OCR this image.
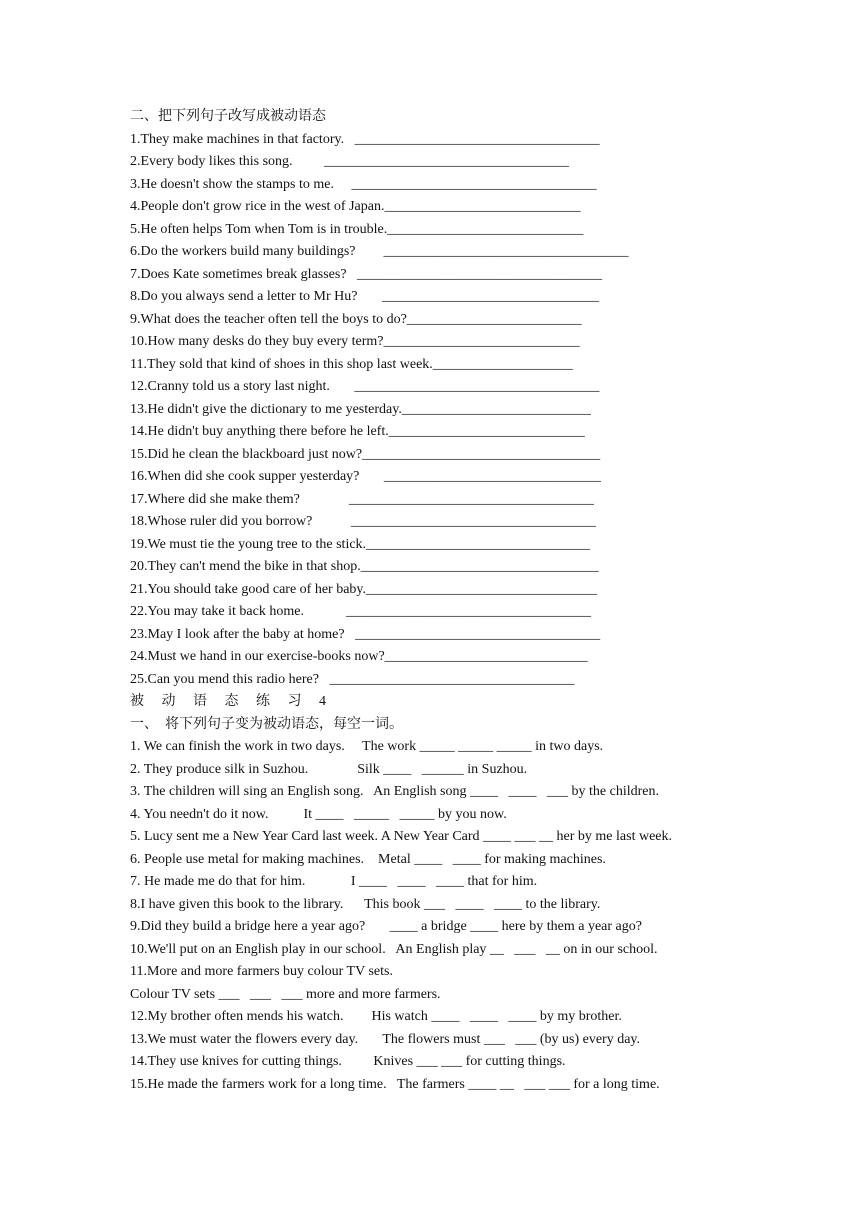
二、把下列句子改写成被动语态
1.They make machines in that factory.   ___________________________________
2.Every body likes this song.         ___________________________________
3.He doesn't show the stamps to me.     ___________________________________
4.People don't grow rice in the west of Japan.____________________________
5.He often helps Tom when Tom is in trouble.____________________________
6.Do the workers build many buildings?        ___________________________________
7.Does Kate sometimes break glasses?   ___________________________________
8.Do you always send a letter to Mr Hu?       _______________________________
9.What does the teacher often tell the boys to do?_________________________
10.How many desks do they buy every term?____________________________
11.They sold that kind of shoes in this shop last week.____________________
12.Cranny told us a story last night.       ___________________________________
13.He didn't give the dictionary to me yesterday.___________________________
14.He didn't buy anything there before he left.____________________________
15.Did he clean the blackboard just now?__________________________________
16.When did she cook supper yesterday?       _______________________________
17.Where did she make them?              ___________________________________
18.Whose ruler did you borrow?           ___________________________________
19.We must tie the young tree to the stick.________________________________
20.They can't mend the bike in that shop.__________________________________
21.You should take good care of her baby._________________________________
22.You may take it back home.            ___________________________________
23.May I look after the baby at home?   ___________________________________
24.Must we hand in our exercise-books now?_____________________________
25.Can you mend this radio here?   ___________________________________
被 动 语 态 练 习 4
一、  将下列句子变为被动语态，每空一词。
1. We can finish the work in two days.     The work _____ _____ _____ in two days.
2. They produce silk in Suzhou.              Silk ____   ______ in Suzhou.
3. The children will sing an English song.   An English song ____   ____   ___ by the children.
4. You needn't do it now.          It ____   _____   _____ by you now.
5. Lucy sent me a New Year Card last week. A New Year Card ____ ___ __ her by me last week.
6. People use metal for making machines.    Metal ____   ____ for making machines.
7. He made me do that for him.             I ____   ____   ____ that for him.
8.I have given this book to the library.      This book ___   ____   ____ to the library.
9.Did they build a bridge here a year ago?       ____ a bridge ____ here by them a year ago?
10.We'll put on an English play in our school.   An English play __   ___   __ on in our school.
11.More and more farmers buy colour TV sets.
Colour TV sets ___   ___   ___ more and more farmers.
12.My brother often mends his watch.        His watch ____   ____   ____ by my brother.
13.We must water the flowers every day.       The flowers must ___   ___ (by us) every day.
14.They use knives for cutting things.         Knives ___ ___ for cutting things.
15.He made the farmers work for a long time.   The farmers ____ __   ___ ___ for a long time.
